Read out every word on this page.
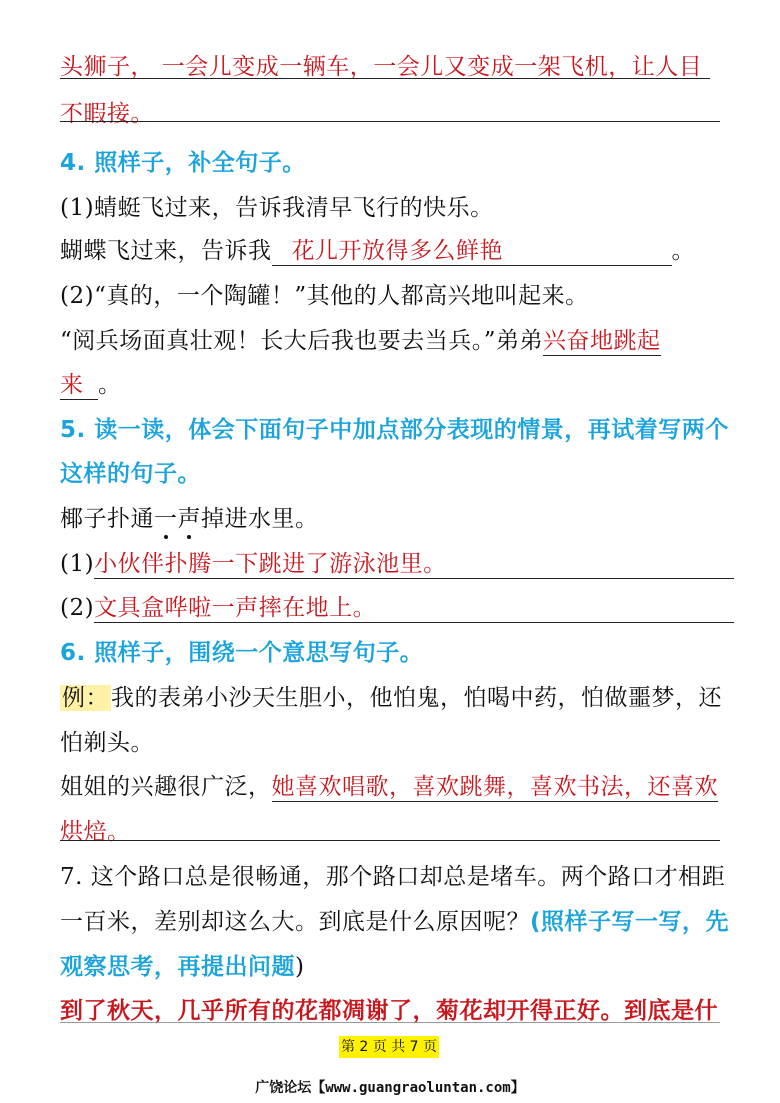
头狮子， 一会儿变成一辆车，一会儿又变成一架飞机，让人目
不暇接。
4. 照样子，补全句子。
(1)蜻蜓飞过来，告诉我清早飞行的快乐。
蝴蝶飞过来，告诉我 花儿开放得多么鲜艳	。
(2)“真的，一个陶罐！”其他的人都高兴地叫起来。
“阅兵场面真壮观！长大后我也要去当兵。”弟弟兴奋地跳起
来 。
5. 读一读，体会下面句子中加点部分表现的情景，再试着写两个
这样的句子。
椰子扑通一声掉进水里。
(1)小伙伴扑腾一下跳进了游泳池里。
(2)文具盒哗啦一声摔在地上。
6. 照样子，围绕一个意思写句子。
例：我的表弟小沙天生胆小，他怕鬼，怕喝中药，怕做噩梦，还
怕剃头。
姐姐的兴趣很广泛，她喜欢唱歌，喜欢跳舞，喜欢书法，还喜欢
烘焙。
7. 这个路口总是很畅通，那个路口却总是堵车。两个路口才相距
一百米，差别却这么大。到底是什么原因呢？(照样子写一写，先
观察思考，再提出问题)
到了秋天，几乎所有的花都凋谢了，菊花却开得正好。到底是什
第 2 页 共 7 页
广饶论坛【www.guangraoluntan.com】
